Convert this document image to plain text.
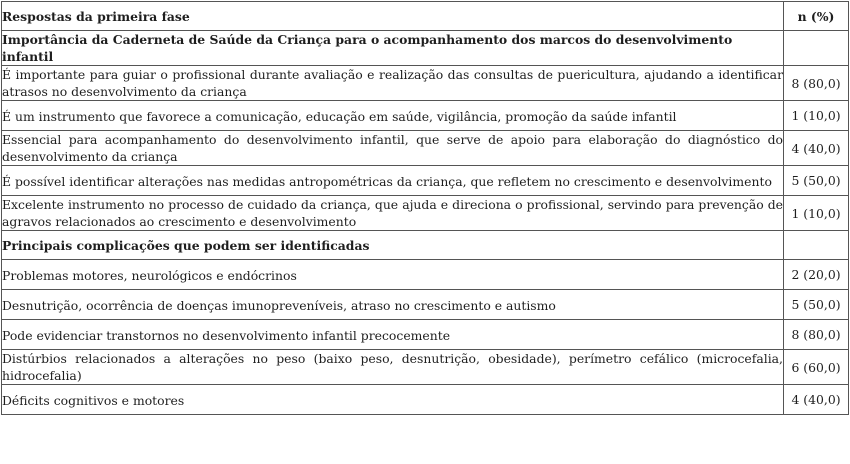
Respostas da primeira fase	n (%)
Importância da Caderneta de Saúde da Criança para o acompanhamento dos marcos do desenvolvimento infantil	
É importante para guiar o profissional durante avaliação e realização das consultas de puericultura, ajudando a identificar atrasos no desenvolvimento da criança	8 (80,0)
É um instrumento que favorece a comunicação, educação em saúde, vigilância, promoção da saúde infantil	1 (10,0)
Essencial para acompanhamento do desenvolvimento infantil, que serve de apoio para elaboração do diagnóstico do desenvolvimento da criança	4 (40,0)
É possível identificar alterações nas medidas antropométricas da criança, que refletem no crescimento e desenvolvimento	5 (50,0)
Excelente instrumento no processo de cuidado da criança, que ajuda e direciona o profissional, servindo para prevenção de agravos relacionados ao crescimento e desenvolvimento	1 (10,0)
Principais complicações que podem ser identificadas	
Problemas motores, neurológicos e endócrinos	2 (20,0)
Desnutrição, ocorrência de doenças imunopreveníveis, atraso no crescimento e autismo	5 (50,0)
Pode evidenciar transtornos no desenvolvimento infantil precocemente	8 (80,0)
Distúrbios relacionados a alterações no peso (baixo peso, desnutrição, obesidade), perímetro cefálico (microcefalia, hidrocefalia)	6 (60,0)
Déficits cognitivos e motores	4 (40,0)
